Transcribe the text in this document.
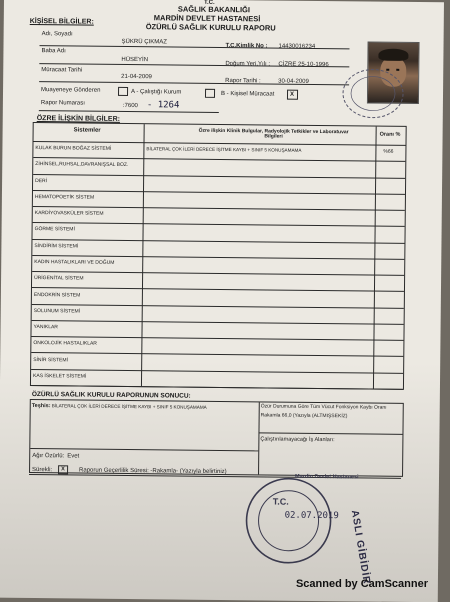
T.C.
SAĞLIK BAKANLIĞI
MARDİN DEVLET HASTANESİ
ÖZÜRLÜ SAĞLIK KURULU RAPORU
KİŞİSEL BİLGİLER:
Adı, Soyadı
ŞÜKRÜ ÇIKMAZ
T.C.Kimlik No : 14430016234
Baba Adı
HÜSEYİN
Doğum Yeri,Yılı : CİZRE 25-10-1996
Müracaat Tarihi
21-04-2009
Rapor Tarihi :	30-04-2009
Muayeneye Gönderen	A - Çalıştığı Kurum	B - Kişisel Müracaat	X
Rapor Numarası	:7600 - 1264
ÖZRE İLİŞKİN BİLGİLER:
Sistemler	Özre ilişkin Klinik Bulgular, Radyolojik Tetkikler ve Laboratuvar Bilgileri	Oranı %
KULAK BURUN BOĞAZ SİSTEMİ	BİLATERAL ÇOK İLERİ DERECE İŞİTME KAYBI + SINIF 5 KONUŞAMAMA	%66
ZİHİNSEL,RUHSAL,DAVRANIŞSAL BOZ.
DERİ
HEMATOPOETİK SİSTEM
KARDİYOVASKÜLER SİSTEM
GÖRME SİSTEMİ
SİNDİRİM SİSTEMİ
KADIN HASTALIKLARI VE DOĞUM
ÜRİGENİTAL SİSTEM
ENDOKRİN SİSTEM
SOLUNUM SİSTEMİ
YANIKLAR
ONKOLOJİK HASTALIKLAR
SİNİR SİSTEMİ
KAS İSKELET SİSTEMİ
ÖZÜRLÜ SAĞLIK KURULU RAPORUNUN SONUCU:
Teşhis: BİLATERAL ÇOK İLERİ DERECE İŞİTME KAYBI + SINIF 5 KONUŞAMAMA	Özür Durumuna Göre Tüm Vücut Fonksiyon Kaybı Oranı
Rakamla 66,0 (Yazıyla (ALTMIŞSEKİZ)
Çalıştırılamayacağı İş Alanları:
Ağır Özürlü: Evet
Sürekli: X Raporun Geçerlilik Süresi: -Rakamla- (Yazıyla belirtiniz)
T.C.
Mardin Devlet Hastanesi
02.07.2019 ASLI GİBİDİR
Scanned by CamScanner
